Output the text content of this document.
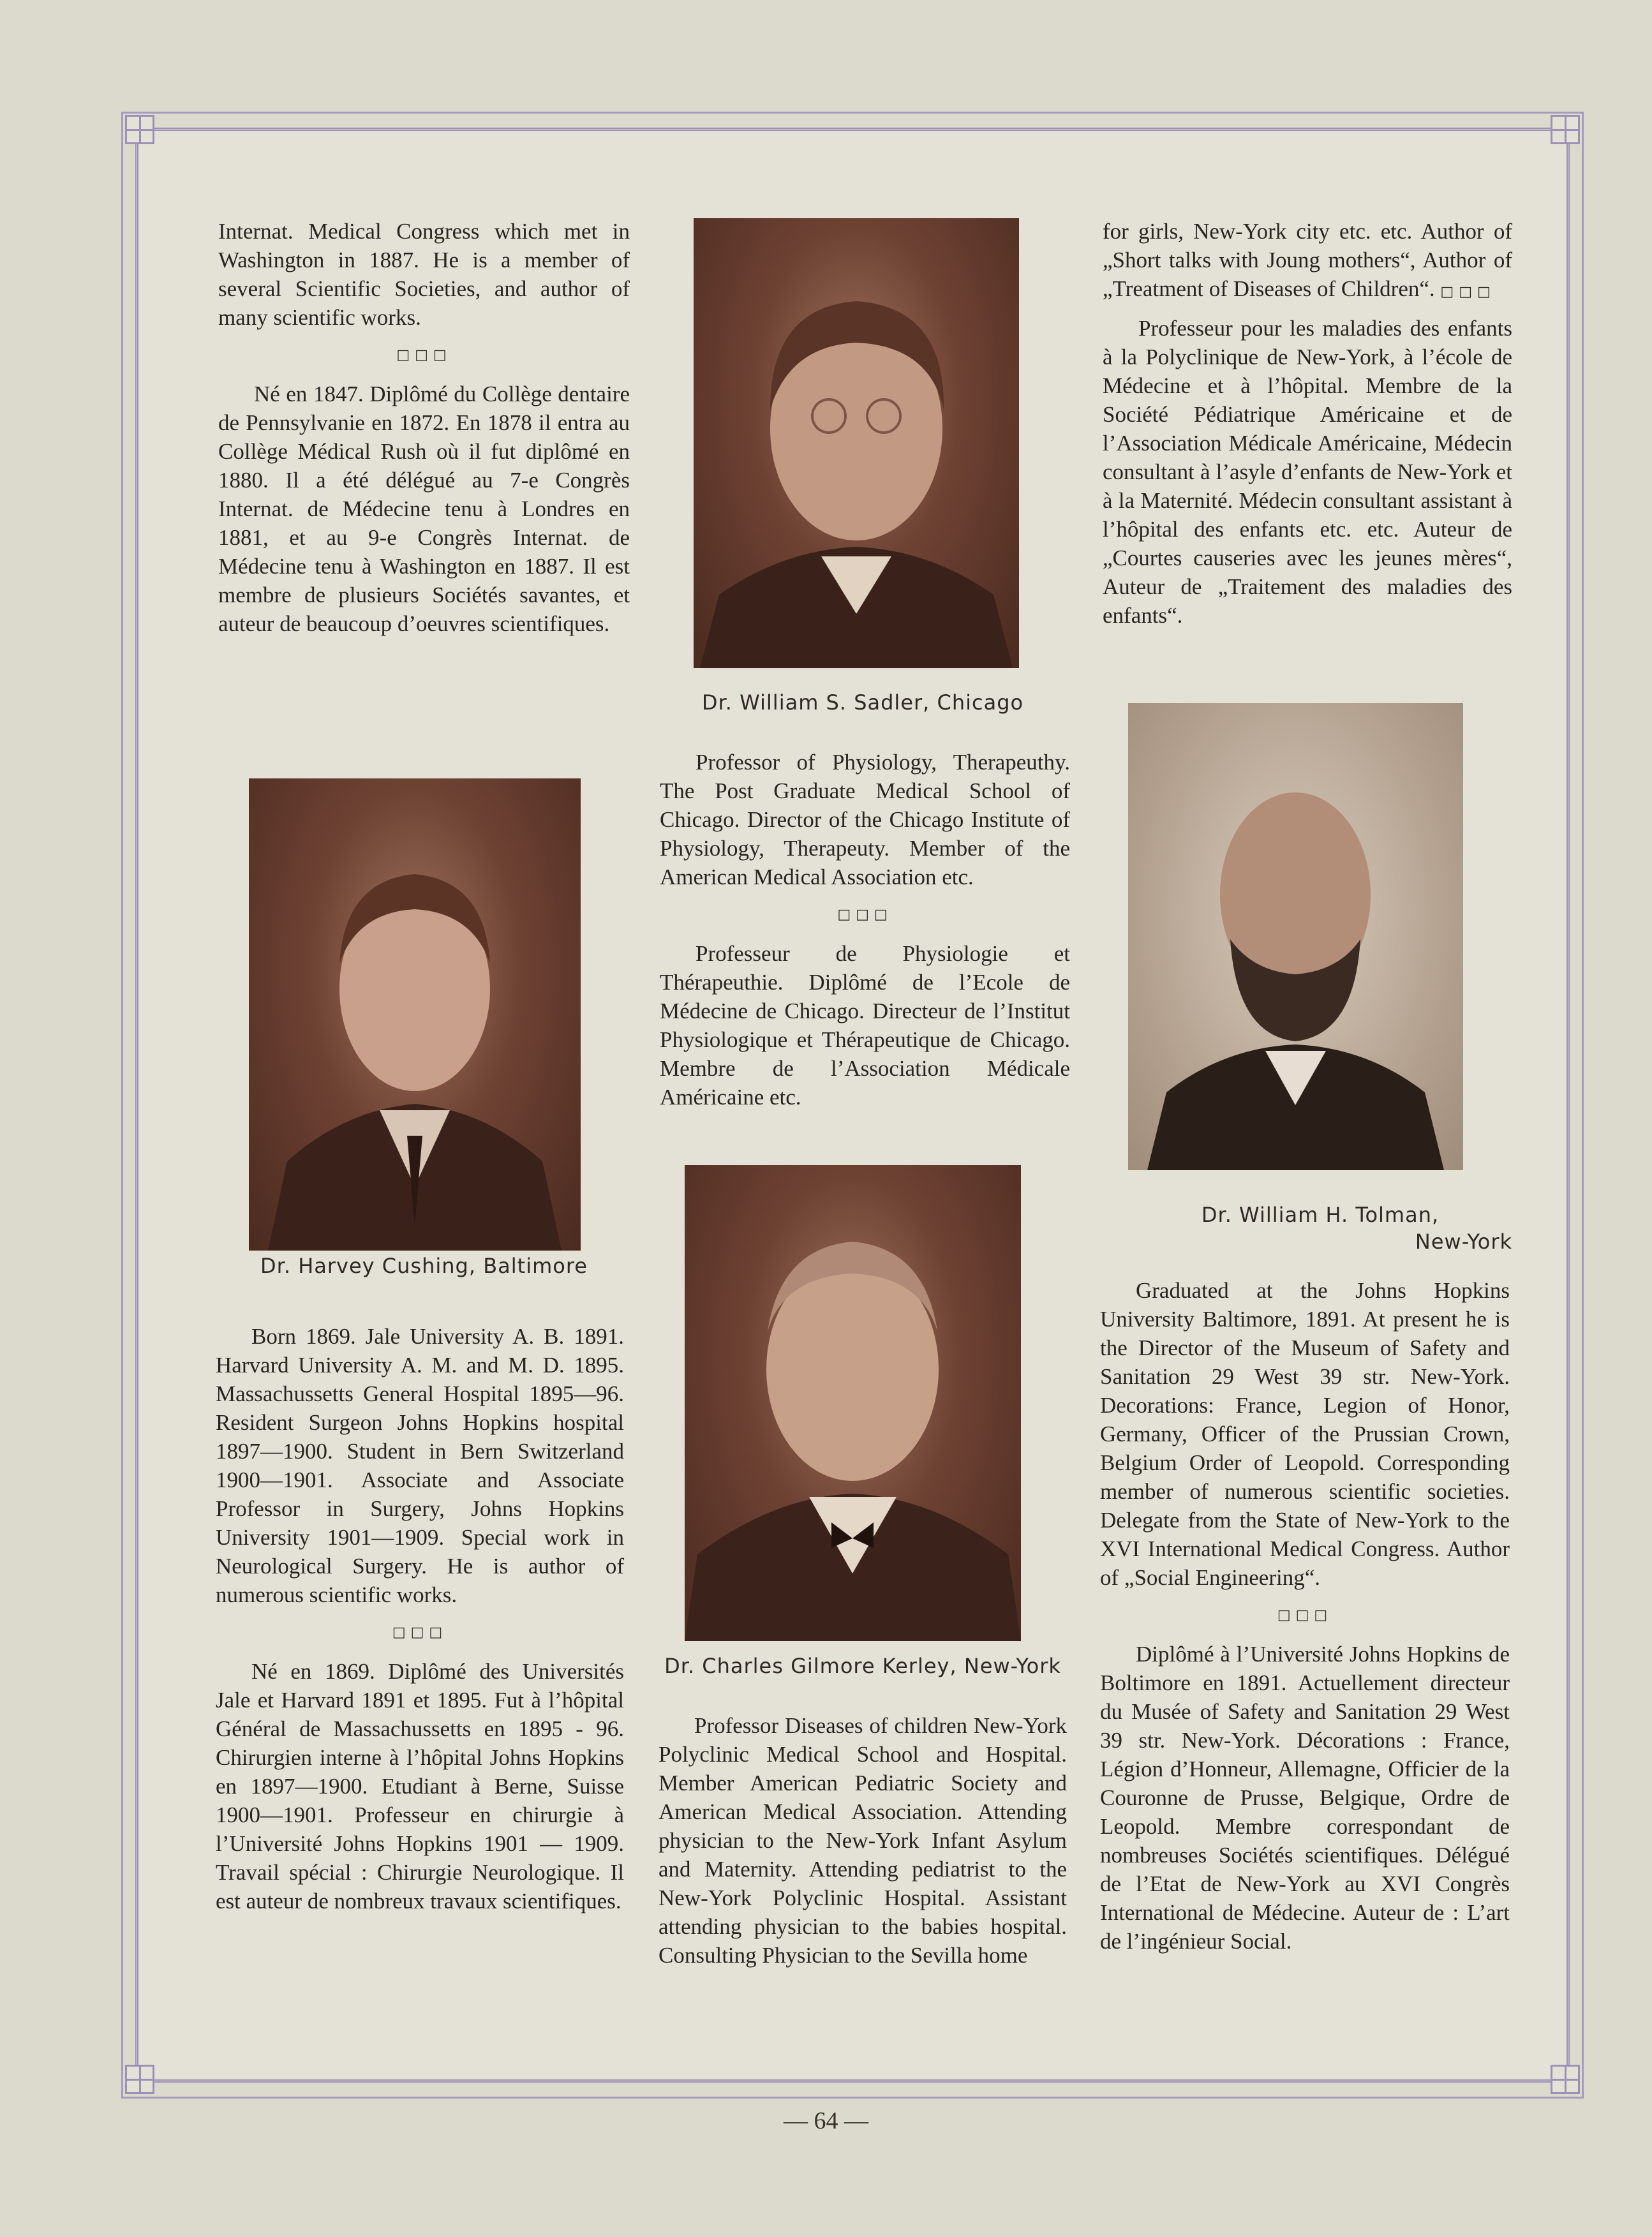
Internat. Medical Congress which met in Washington in 1887. He is a member of several Scientific Societies, and author of many scientific works.

□□□

Né en 1847. Diplômé du Collège dentaire de Pennsylvanie en 1872. En 1878 il entra au Collège Médical Rush où il fut diplômé en 1880. Il a été délégué au 7-e Congrès Internat. de Médecine tenu à Londres en 1881, et au 9-e Congrès Internat. de Médecine tenu à Washington en 1887. Il est membre de plusieurs Sociétés savantes, et auteur de beaucoup d’oeuvres scientifiques.

Dr. Harvey Cushing, Baltimore

Born 1869. Jale University A. B. 1891. Harvard University A. M. and M. D. 1895. Massachussetts General Hospital 1895—96. Resident Surgeon Johns Hopkins hospital 1897—1900. Student in Bern Switzerland 1900—1901. Associate and Associate Professor in Surgery, Johns Hopkins University 1901—1909. Special work in Neurological Surgery. He is author of numerous scientific works.

□□□

Né en 1869. Diplômé des Universités Jale et Harvard 1891 et 1895. Fut à l’hôpital Général de Massachussetts en 1895 - 96. Chirurgien interne à l’hôpital Johns Hopkins en 1897—1900. Etudiant à Berne, Suisse 1900—1901. Professeur en chirurgie à l’Université Johns Hopkins 1901 — 1909. Travail spécial : Chirurgie Neurologique. Il est auteur de nombreux travaux scientifiques.

Dr. William S. Sadler, Chicago

Professor of Physiology, Therapeuthy. The Post Graduate Medical School of Chicago. Director of the Chicago Institute of Physiology, Therapeuty. Member of the American Medical Association etc.

□□□

Professeur de Physiologie et Thérapeuthie. Diplômé de l’Ecole de Médecine de Chicago. Directeur de l’Institut Physiologique et Thérapeutique de Chicago. Membre de l’Association Médicale Américaine etc.

Dr. Charles Gilmore Kerley, New-York

Professor Diseases of children New-York Polyclinic Medical School and Hospital. Member American Pediatric Society and American Medical Association. Attending physician to the New-York Infant Asylum and Maternity. Attending pediatrist to the New-York Polyclinic Hospital. Assistant attending physician to the babies hospital. Consulting Physician to the Sevilla home

for girls, New-York city etc. etc. Author of „Short talks with Joung mothers“, Author of „Treatment of Diseases of Children“. □□□

Professeur pour les maladies des enfants à la Polyclinique de New-York, à l’école de Médecine et à l’hôpital. Membre de la Société Pédiatrique Américaine et de l’Association Médicale Américaine, Médecin consultant à l’asyle d’enfants de New-York et à la Maternité. Médecin consultant assistant à l’hôpital des enfants etc. etc. Auteur de „Courtes causeries avec les jeunes mères“, Auteur de „Traitement des maladies des enfants“.

Dr. William H. Tolman,
New-York

Graduated at the Johns Hopkins University Baltimore, 1891. At present he is the Director of the Museum of Safety and Sanitation 29 West 39 str. New-York. Decorations: France, Legion of Honor, Germany, Officer of the Prussian Crown, Belgium Order of Leopold. Corresponding member of numerous scientific societies. Delegate from the State of New-York to the XVI International Medical Congress. Author of „Social Engineering“.

□□□

Diplômé à l’Université Johns Hopkins de Boltimore en 1891. Actuellement directeur du Musée of Safety and Sanitation 29 West 39 str. New-York. Décorations : France, Légion d’Honneur, Allemagne, Officier de la Couronne de Prusse, Belgique, Ordre de Leopold. Membre correspondant de nombreuses Sociétés scientifiques. Délégué de l’Etat de New-York au XVI Congrès International de Médecine. Auteur de : L’art de l’ingénieur Social.

— 64 —
